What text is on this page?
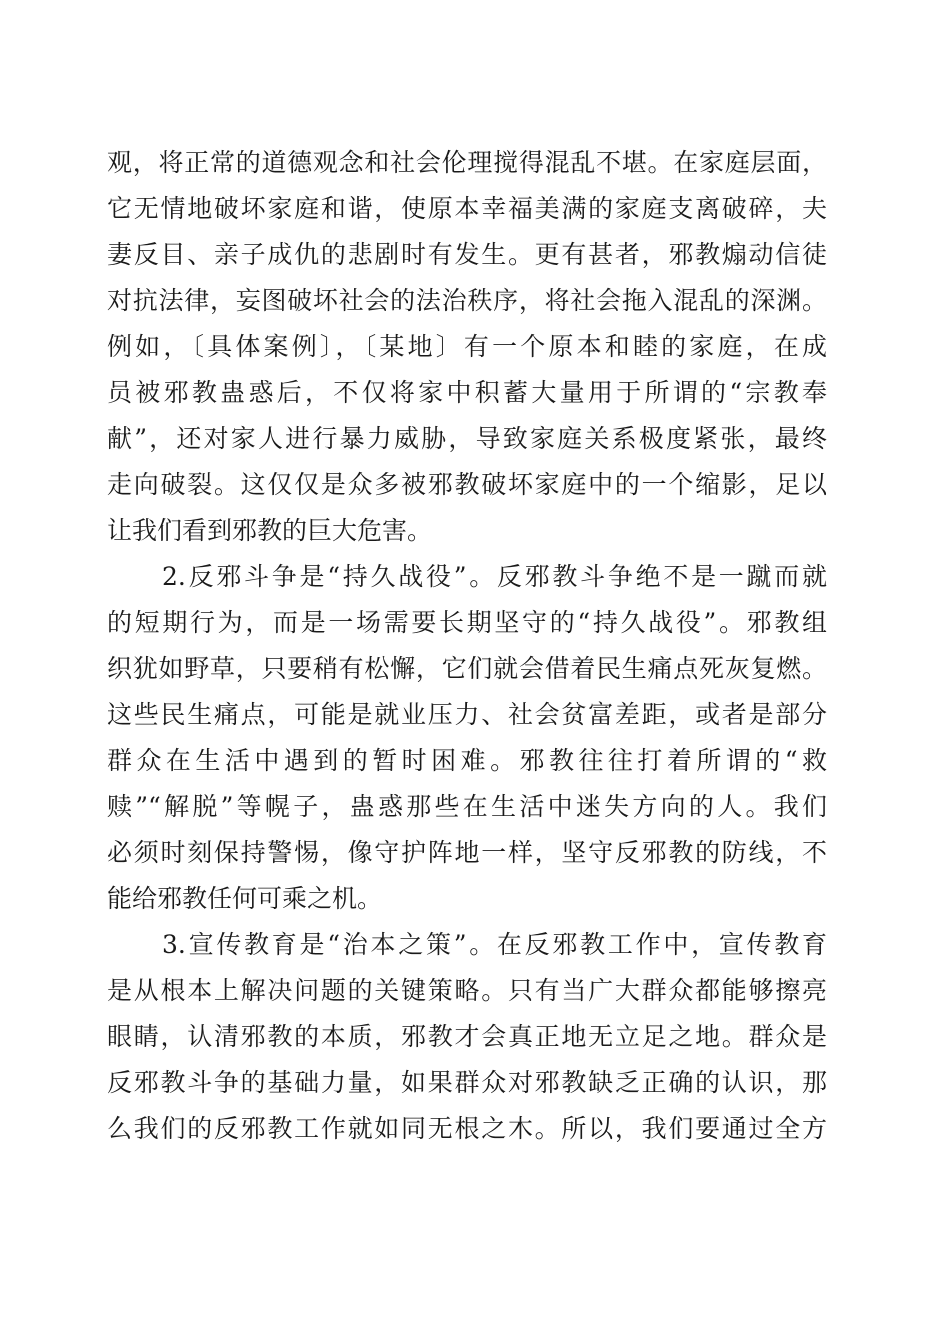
观，将正常的道德观念和社会伦理搅得混乱不堪。在家庭层面，
它无情地破坏家庭和谐，使原本幸福美满的家庭支离破碎，夫
妻反目、亲子成仇的悲剧时有发生。更有甚者，邪教煽动信徒
对抗法律，妄图破坏社会的法治秩序，将社会拖入混乱的深渊。
例如，〔具体案例〕，〔某地〕有一个原本和睦的家庭，在成
员被邪教蛊惑后，不仅将家中积蓄大量用于所谓的“宗教奉
献”，还对家人进行暴力威胁，导致家庭关系极度紧张，最终
走向破裂。这仅仅是众多被邪教破坏家庭中的一个缩影，足以
让我们看到邪教的巨大危害。
2.反邪斗争是“持久战役”。反邪教斗争绝不是一蹴而就
的短期行为，而是一场需要长期坚守的“持久战役”。邪教组
织犹如野草，只要稍有松懈，它们就会借着民生痛点死灰复燃。
这些民生痛点，可能是就业压力、社会贫富差距，或者是部分
群众在生活中遇到的暂时困难。邪教往往打着所谓的“救
赎”“解脱”等幌子，蛊惑那些在生活中迷失方向的人。我们
必须时刻保持警惕，像守护阵地一样，坚守反邪教的防线，不
能给邪教任何可乘之机。
3.宣传教育是“治本之策”。在反邪教工作中，宣传教育
是从根本上解决问题的关键策略。只有当广大群众都能够擦亮
眼睛，认清邪教的本质，邪教才会真正地无立足之地。群众是
反邪教斗争的基础力量，如果群众对邪教缺乏正确的认识，那
么我们的反邪教工作就如同无根之木。所以，我们要通过全方
